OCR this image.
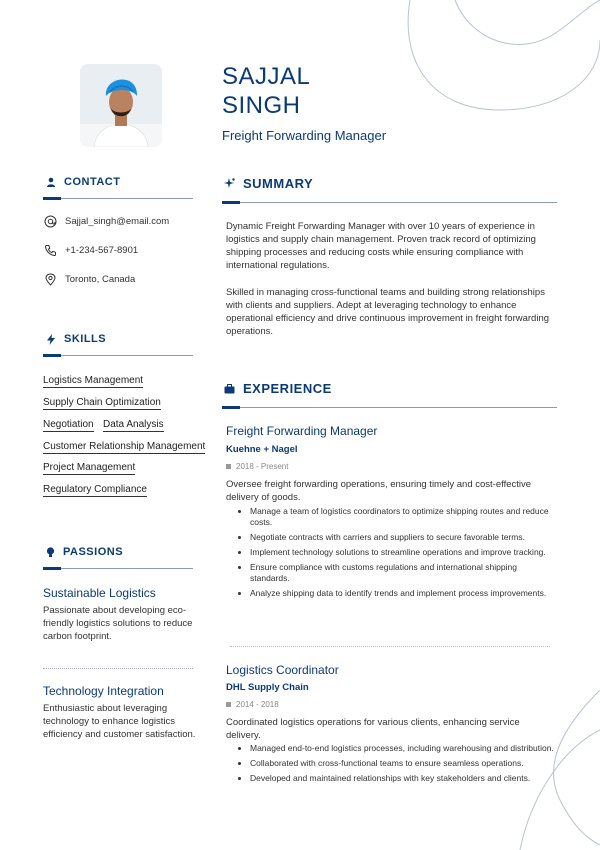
SAJJAL
SINGH
Freight Forwarding Manager
CONTACT
Sajjal_singh@email.com
+1-234-567-8901
Toronto, Canada
SKILLS
Logistics Management
Supply Chain Optimization
Negotiation Data Analysis
Customer Relationship Management
Project Management
Regulatory Compliance
PASSIONS
Sustainable Logistics
Passionate about developing eco-friendly logistics solutions to reduce carbon footprint.
Technology Integration
Enthusiastic about leveraging technology to enhance logistics efficiency and customer satisfaction.
SUMMARY
Dynamic Freight Forwarding Manager with over 10 years of experience in logistics and supply chain management. Proven track record of optimizing shipping processes and reducing costs while ensuring compliance with international regulations.
Skilled in managing cross-functional teams and building strong relationships with clients and suppliers. Adept at leveraging technology to enhance operational efficiency and drive continuous improvement in freight forwarding operations.
EXPERIENCE
Freight Forwarding Manager
Kuehne + Nagel
2018 - Present
Oversee freight forwarding operations, ensuring timely and cost-effective delivery of goods.
Manage a team of logistics coordinators to optimize shipping routes and reduce costs.
Negotiate contracts with carriers and suppliers to secure favorable terms.
Implement technology solutions to streamline operations and improve tracking.
Ensure compliance with customs regulations and international shipping standards.
Analyze shipping data to identify trends and implement process improvements.
Logistics Coordinator
DHL Supply Chain
2014 - 2018
Coordinated logistics operations for various clients, enhancing service delivery.
Managed end-to-end logistics processes, including warehousing and distribution.
Collaborated with cross-functional teams to ensure seamless operations.
Developed and maintained relationships with key stakeholders and clients.
